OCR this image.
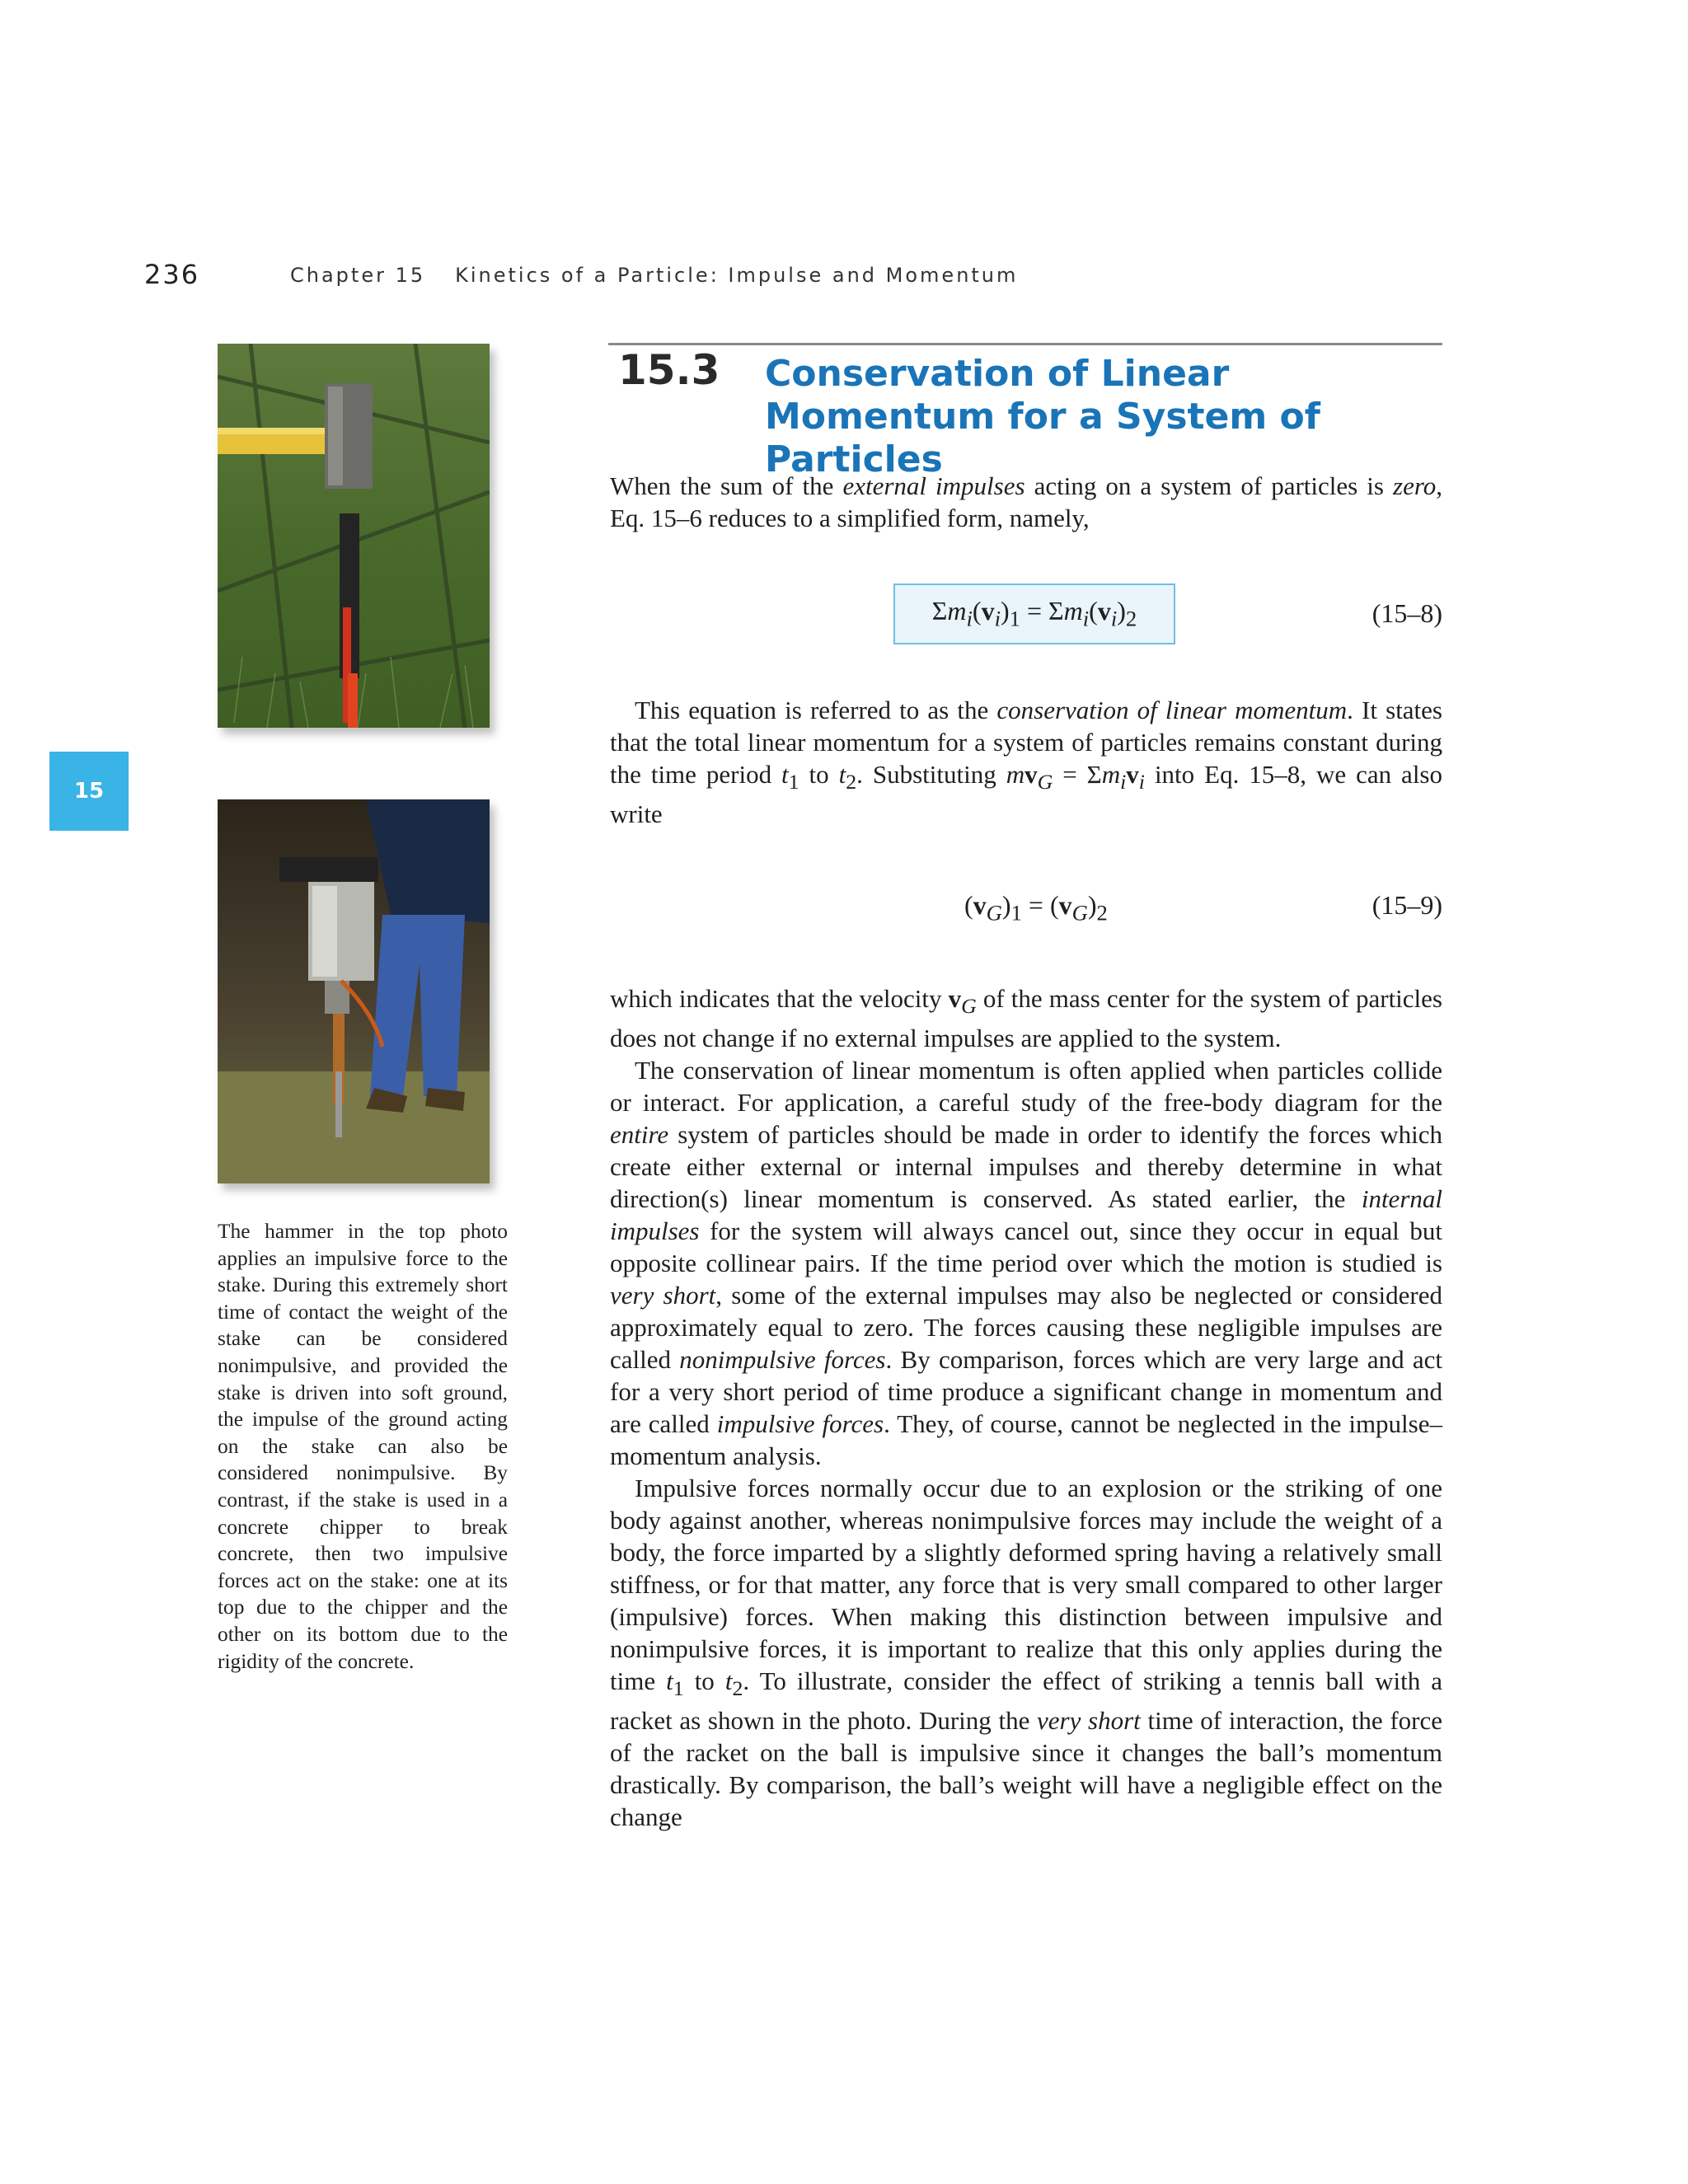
236	Chapter 15 Kinetics of a Particle: Impulse and Momentum
15
The hammer in the top photo applies an impulsive force to the stake. During this extremely short time of contact the weight of the stake can be considered nonimpulsive, and provided the stake is driven into soft ground, the impulse of the ground acting on the stake can also be considered nonimpulsive. By contrast, if the stake is used in a concrete chipper to break concrete, then two impulsive forces act on the stake: one at its top due to the chipper and the other on its bottom due to the rigidity of the concrete.
15.3 Conservation of Linear Momentum for a System of Particles

When the sum of the external impulses acting on a system of particles is zero, Eq. 15–6 reduces to a simplified form, namely,

$\Sigma m_i(v_i)_1 = \Sigma m_i(v_i)_2$	(15–8)

This equation is referred to as the conservation of linear momentum. It states that the total linear momentum for a system of particles remains constant during the time period $t_1$ to $t_2$. Substituting $mv_G = \Sigma m_iv_i$ into Eq. 15–8, we can also write

$(v_G)_1 = (v_G)_2$	(15–9)

which indicates that the velocity $v_G$ of the mass center for the system of particles does not change if no external impulses are applied to the system.

The conservation of linear momentum is often applied when particles collide or interact. For application, a careful study of the free-body diagram for the entire system of particles should be made in order to identify the forces which create either external or internal impulses and thereby determine in what direction(s) linear momentum is conserved. As stated earlier, the internal impulses for the system will always cancel out, since they occur in equal but opposite collinear pairs. If the time period over which the motion is studied is very short, some of the external impulses may also be neglected or considered approximately equal to zero. The forces causing these negligible impulses are called nonimpulsive forces. By comparison, forces which are very large and act for a very short period of time produce a significant change in momentum and are called impulsive forces. They, of course, cannot be neglected in the impulse–momentum analysis.

Impulsive forces normally occur due to an explosion or the striking of one body against another, whereas nonimpulsive forces may include the weight of a body, the force imparted by a slightly deformed spring having a relatively small stiffness, or for that matter, any force that is very small compared to other larger (impulsive) forces. When making this distinction between impulsive and nonimpulsive forces, it is important to realize that this only applies during the time $t_1$ to $t_2$. To illustrate, consider the effect of striking a tennis ball with a racket as shown in the photo. During the very short time of interaction, the force of the racket on the ball is impulsive since it changes the ball’s momentum drastically. By comparison, the ball’s weight will have a negligible effect on the change
